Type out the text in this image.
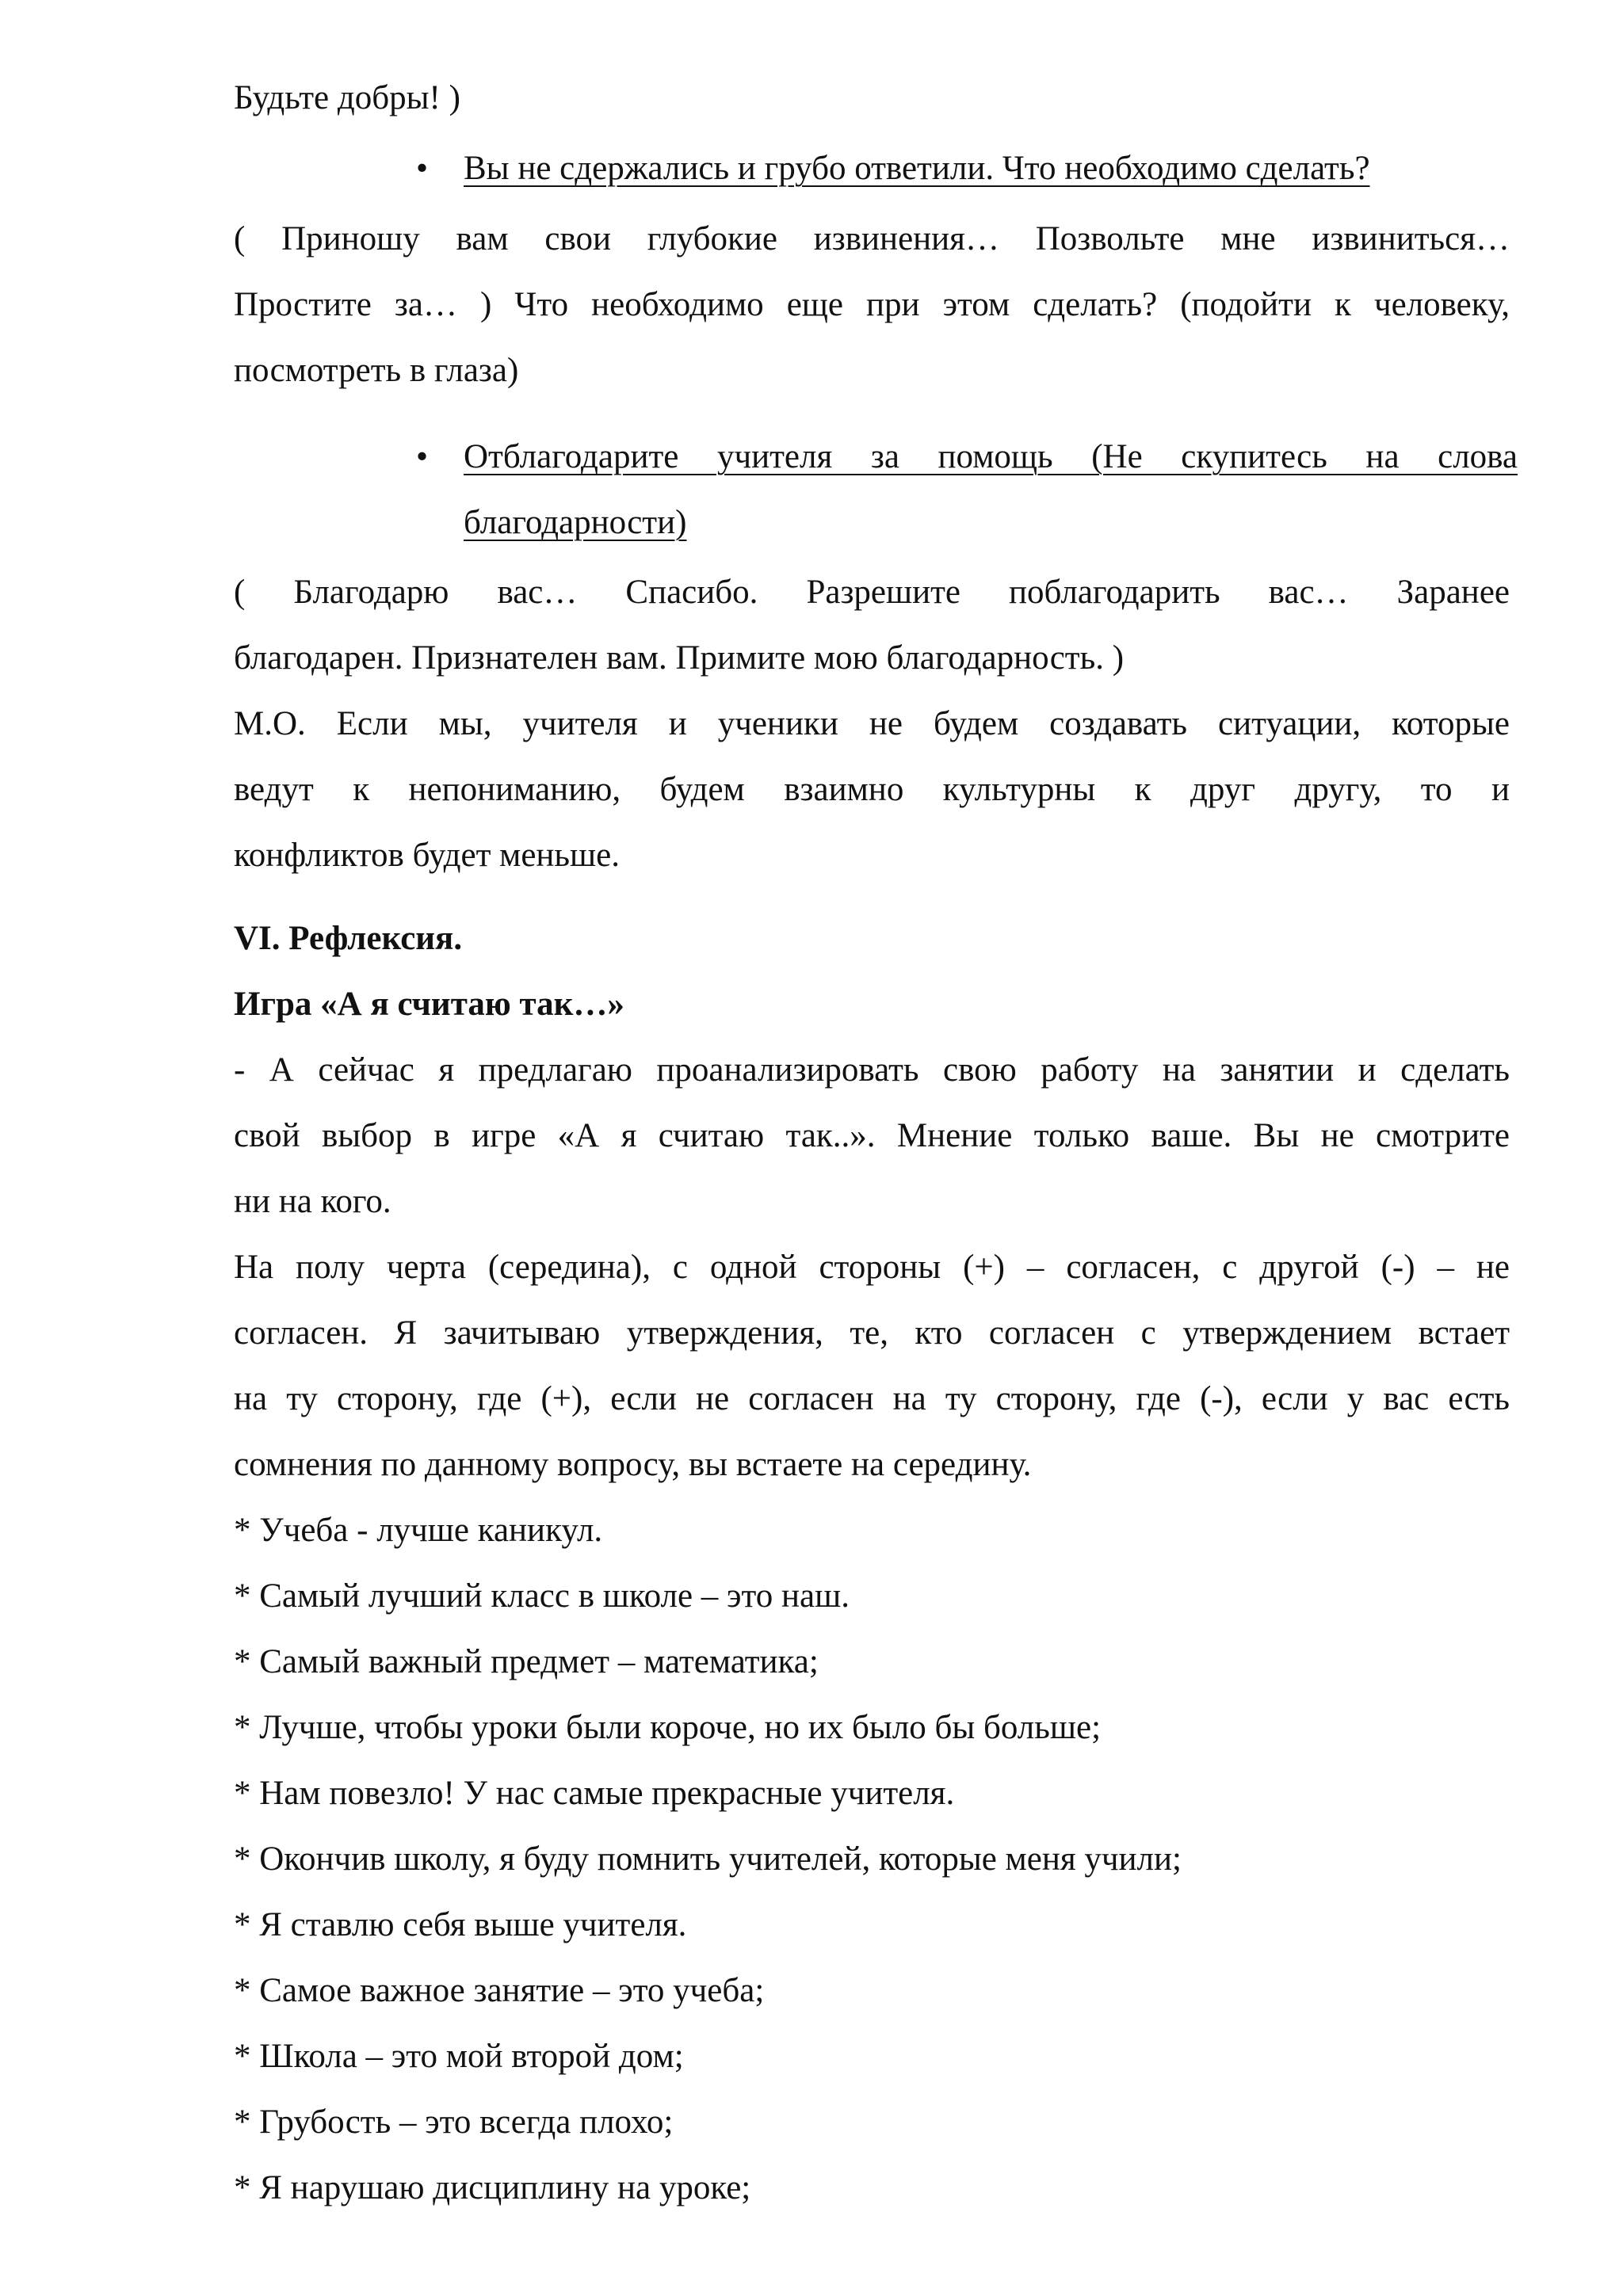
Будьте добры! )
• Вы не сдержались и грубо ответили. Что необходимо сделать?
( Приношу вам свои глубокие извинения… Позвольте мне извиниться…
Простите за… ) Что необходимо еще при этом сделать? (подойти к человеку,
посмотреть в глаза)
• Отблагодарите учителя за помощь (Не скупитесь на слова
благодарности)
( Благодарю вас… Спасибо. Разрешите поблагодарить вас… Заранее
благодарен. Признателен вам. Примите мою благодарность. )
М.О. Если мы, учителя и ученики не будем создавать ситуации, которые
ведут к непониманию, будем взаимно культурны к друг другу, то и
конфликтов будет меньше.
VI. Рефлексия.
Игра «А я считаю так…»
- А сейчас я предлагаю проанализировать свою работу на занятии и сделать
свой выбор в игре «А я считаю так..». Мнение только ваше. Вы не смотрите
ни на кого.
На полу черта (середина), с одной стороны (+) – согласен, с другой (-) – не
согласен. Я зачитываю утверждения, те, кто согласен с утверждением встает
на ту сторону, где (+), если не согласен на ту сторону, где (-), если у вас есть
сомнения по данному вопросу, вы встаете на середину.
* Учеба - лучше каникул.
* Самый лучший класс в школе – это наш.
* Самый важный предмет – математика;
* Лучше, чтобы уроки были короче, но их было бы больше;
* Нам повезло! У нас самые прекрасные учителя.
* Окончив школу, я буду помнить учителей, которые меня учили;
* Я ставлю себя выше учителя.
* Самое важное занятие – это учеба;
* Школа – это мой второй дом;
* Грубость – это всегда плохо;
* Я нарушаю дисциплину на уроке;
